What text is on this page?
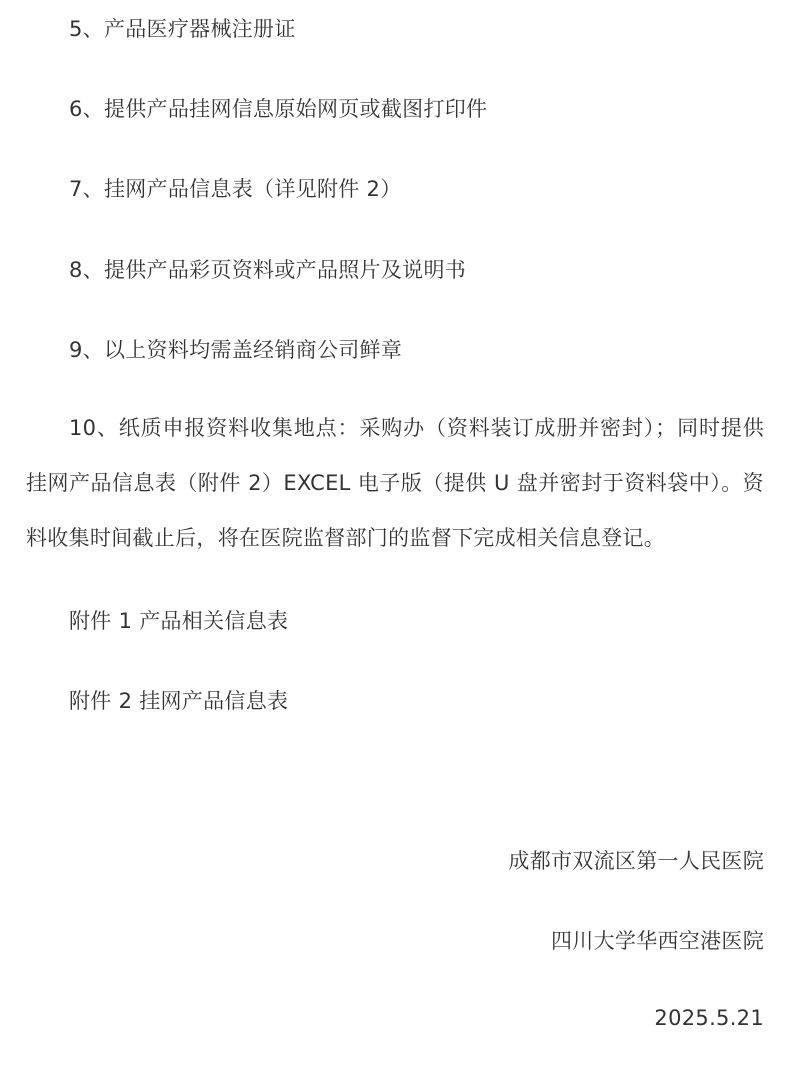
5、产品医疗器械注册证
6、提供产品挂网信息原始网页或截图打印件
7、挂网产品信息表（详见附件 2）
8、提供产品彩页资料或产品照片及说明书
9、以上资料均需盖经销商公司鲜章
10、纸质申报资料收集地点：采购办（资料装订成册并密封）；同时提供挂网产品信息表（附件 2）EXCEL 电子版（提供 U 盘并密封于资料袋中）。资料收集时间截止后，将在医院监督部门的监督下完成相关信息登记。
附件 1 产品相关信息表
附件 2 挂网产品信息表
成都市双流区第一人民医院
四川大学华西空港医院
2025.5.21
